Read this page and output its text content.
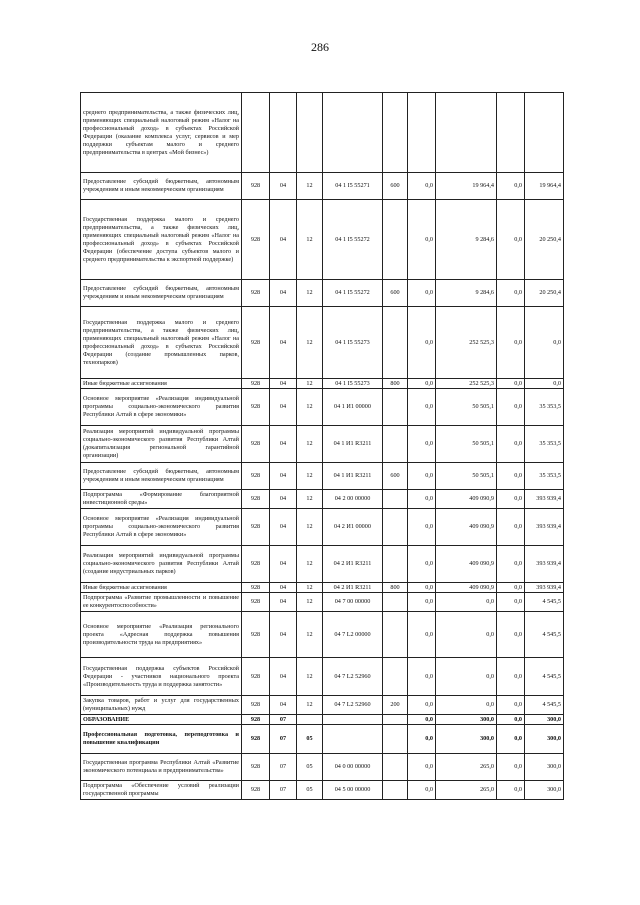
286
среднего предпринимательства, а также физических лиц, применяющих специальный налоговый режим «Налог на профессиональный доход» в субъектах Российской Федерации (оказание комплекса услуг, сервисов и мер поддержки субъектам малого и среднего предпринимательства в центрах «Мой бизнес»)									
Предоставление субсидий бюджетным, автономным учреждениям и иным некоммерческим организациям	928	04	12	04 1 I5 55271	600	0,0	19 964,4	0,0	19 964,4
Государственная поддержка малого и среднего предпринимательства, а также физических лиц, применяющих специальный налоговый режим «Налог на профессиональный доход» в субъектах Российской Федерации (обеспечение доступа субъектов малого и среднего предпринимательства к экспортной поддержке)	928	04	12	04 1 I5 55272		0,0	9 284,6	0,0	20 250,4
Предоставление субсидий бюджетным, автономным учреждениям и иным некоммерческим организациям	928	04	12	04 1 I5 55272	600	0,0	9 284,6	0,0	20 250,4
Государственная поддержка малого и среднего предпринимательства, а также физических лиц, применяющих специальный налоговый режим «Налог на профессиональный доход» в субъектах Российской Федерации (создание промышленных парков, технопарков)	928	04	12	04 1 I5 55273		0,0	252 525,3	0,0	0,0
Иные бюджетные ассигнования	928	04	12	04 1 I5 55273	800	0,0	252 525,3	0,0	0,0
Основное мероприятие «Реализация индивидуальной программы социально-экономического развития Республики Алтай в сфере экономики»	928	04	12	04 1 И1 00000		0,0	50 505,1	0,0	35 353,5
Реализация мероприятий индивидуальной программы социально-экономического развития Республики Алтай (докапитализация региональной гарантийной организации)	928	04	12	04 1 И1 R3211		0,0	50 505,1	0,0	35 353,5
Предоставление субсидий бюджетным, автономным учреждениям и иным некоммерческим организациям	928	04	12	04 1 И1 R3211	600	0,0	50 505,1	0,0	35 353,5
Подпрограмма «Формирование благоприятной инвестиционной среды»	928	04	12	04 2 00 00000		0,0	409 090,9	0,0	393 939,4
Основное мероприятие «Реализация индивидуальной программы социально-экономического развития Республики Алтай в сфере экономики»	928	04	12	04 2 И1 00000		0,0	409 090,9	0,0	393 939,4
Реализация мероприятий индивидуальной программы социально-экономического развития Республики Алтай (создание индустриальных парков)	928	04	12	04 2 И1 R3211		0,0	409 090,9	0,0	393 939,4
Иные бюджетные ассигнования	928	04	12	04 2 И1 R3211	800	0,0	409 090,9	0,0	393 939,4
Подпрограмма «Развитие промышленности и повышение ее конкурентоспособности»	928	04	12	04 7 00 00000		0,0	0,0	0,0	4 545,5
Основное мероприятие «Реализация регионального проекта «Адресная поддержка повышения производительности труда на предприятиях»	928	04	12	04 7 L2 00000		0,0	0,0	0,0	4 545,5
Государственная поддержка субъектов Российской Федерации - участников национального проекта «Производительность труда и поддержка занятости»	928	04	12	04 7 L2 52960		0,0	0,0	0,0	4 545,5
Закупка товаров, работ и услуг для государственных (муниципальных) нужд	928	04	12	04 7 L2 52960	200	0,0	0,0	0,0	4 545,5
ОБРАЗОВАНИЕ	928	07				0,0	300,0	0,0	300,0
Профессиональная подготовка, переподготовка и повышение квалификации	928	07	05			0,0	300,0	0,0	300,0
Государственная программа Республики Алтай «Развитие экономического потенциала и предпринимательства»	928	07	05	04 0 00 00000		0,0	265,0	0,0	300,0
Подпрограмма «Обеспечение условий реализации государственной программы	928	07	05	04 5 00 00000		0,0	265,0	0,0	300,0
